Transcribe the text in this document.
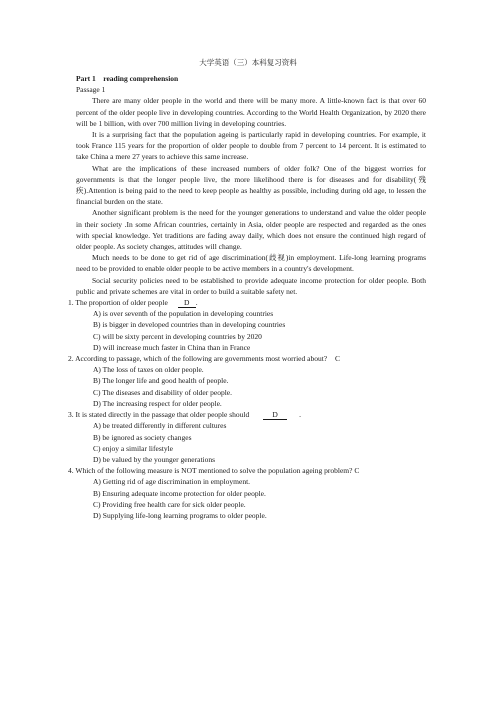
大学英语（三）本科复习资料
Part 1    reading comprehension
Passage 1

There are many older people in the world and there will be many more. A little-known fact is that over 60 percent of the older people live in developing countries. According to the World Health Organization, by 2020 there will be 1 billion, with over 700 million living in developing countries.

It is a surprising fact that the population ageing is particularly rapid in developing countries. For example, it took France 115 years for the proportion of older people to double from 7 percent to 14 percent. It is estimated to take China a mere 27 years to achieve this same increase.

What are the implications of these increased numbers of older folk? One of the biggest worries for governments is that the longer people live, the more likelihood there is for diseases and for disability(残疾).Attention is being paid to the need to keep people as healthy as possible, including during old age, to lessen the financial burden on the state.

Another significant problem is the need for the younger generations to understand and value the older people in their society .In some African countries, certainly in Asia, older people are respected and regarded as the ones with special knowledge. Yet traditions are fading away daily, which does not ensure the continued high regard of older people. As society changes, attitudes will change.

Much needs to be done to get rid of age discrimination(歧视)in employment. Life-long learning programs need to be provided to enable older people to be active members in a country's development.

Social security policies need to be established to provide adequate income protection for older people. Both public and private schemes are vital in order to build a suitable safety net.

1. The proportion of older people D .
A) is over seventh of the population in developing countries
B) is bigger in developed countries than in developing countries
C) will be sixty percent in developing countries by 2020
D) will increase much faster in China than in France
2. According to passage, which of the following are governments most worried about? C
A) The loss of taxes on older people.
B) The longer life and good health of people.
C) The diseases and disability of older people.
D) The increasing respect for older people.
3. It is stated directly in the passage that older people should	D	.
A) be treated differently in different cultures
B) be ignored as society changes
C) enjoy a similar lifestyle
D) be valued by the younger generations
4. Which of the following measure is NOT mentioned to solve the population ageing problem? C
A) Getting rid of age discrimination in employment.
B) Ensuring adequate income protection for older people.
C) Providing free health care for sick older people.
D) Supplying life-long learning programs to older people.
